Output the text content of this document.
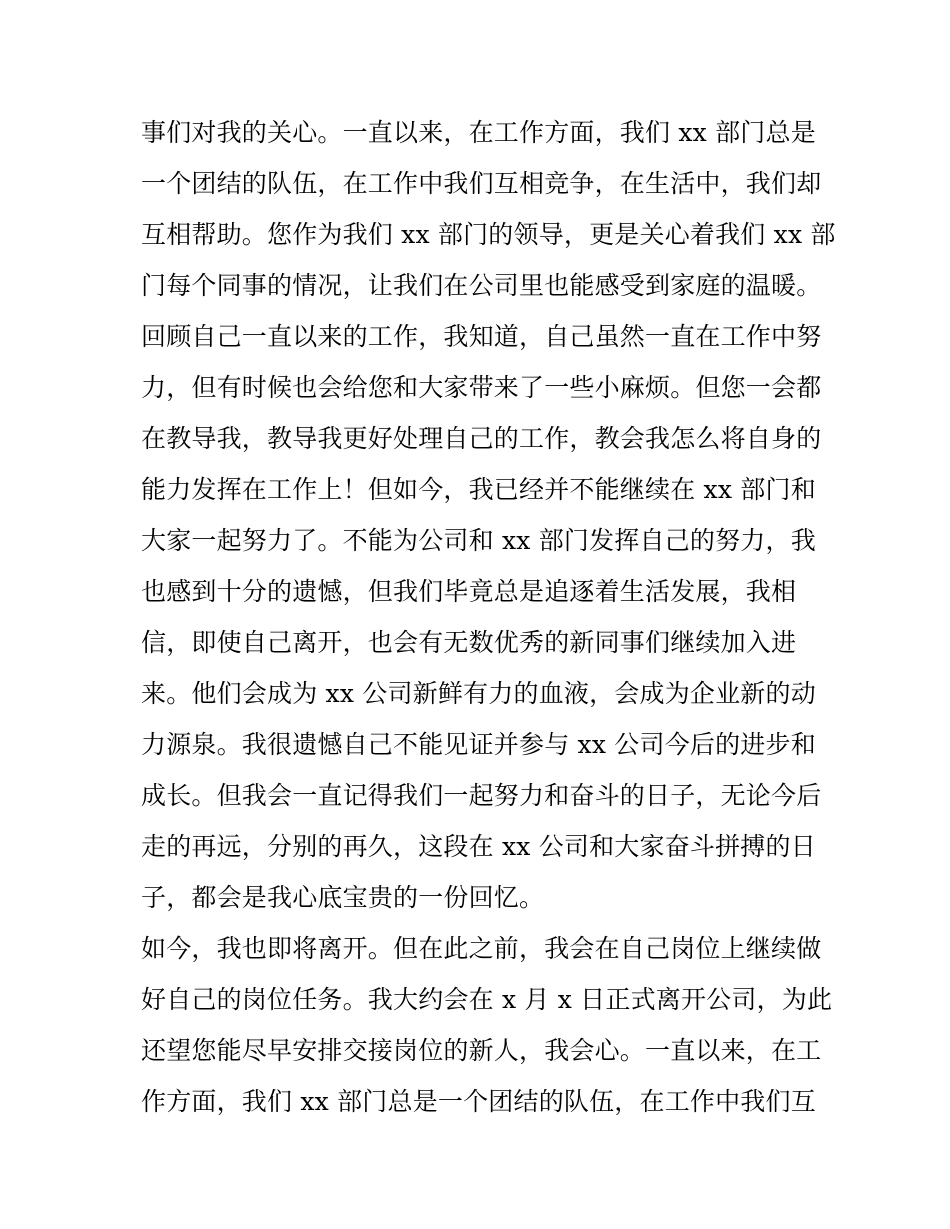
事们对我的关心。一直以来，在工作方面，我们 xx 部门总是
一个团结的队伍，在工作中我们互相竞争，在生活中，我们却
互相帮助。您作为我们 xx 部门的领导，更是关心着我们 xx 部
门每个同事的情况，让我们在公司里也能感受到家庭的温暖。
回顾自己一直以来的工作，我知道，自己虽然一直在工作中努
力，但有时候也会给您和大家带来了一些小麻烦。但您一会都
在教导我，教导我更好处理自己的工作，教会我怎么将自身的
能力发挥在工作上！但如今，我已经并不能继续在 xx 部门和
大家一起努力了。不能为公司和 xx 部门发挥自己的努力，我
也感到十分的遗憾，但我们毕竟总是追逐着生活发展，我相
信，即使自己离开，也会有无数优秀的新同事们继续加入进
来。他们会成为 xx 公司新鲜有力的血液，会成为企业新的动
力源泉。我很遗憾自己不能见证并参与 xx 公司今后的进步和
成长。但我会一直记得我们一起努力和奋斗的日子，无论今后
走的再远，分别的再久，这段在 xx 公司和大家奋斗拼搏的日
子，都会是我心底宝贵的一份回忆。
如今，我也即将离开。但在此之前，我会在自己岗位上继续做
好自己的岗位任务。我大约会在 x 月 x 日正式离开公司，为此
还望您能尽早安排交接岗位的新人，我会心。一直以来，在工
作方面，我们 xx 部门总是一个团结的队伍，在工作中我们互
